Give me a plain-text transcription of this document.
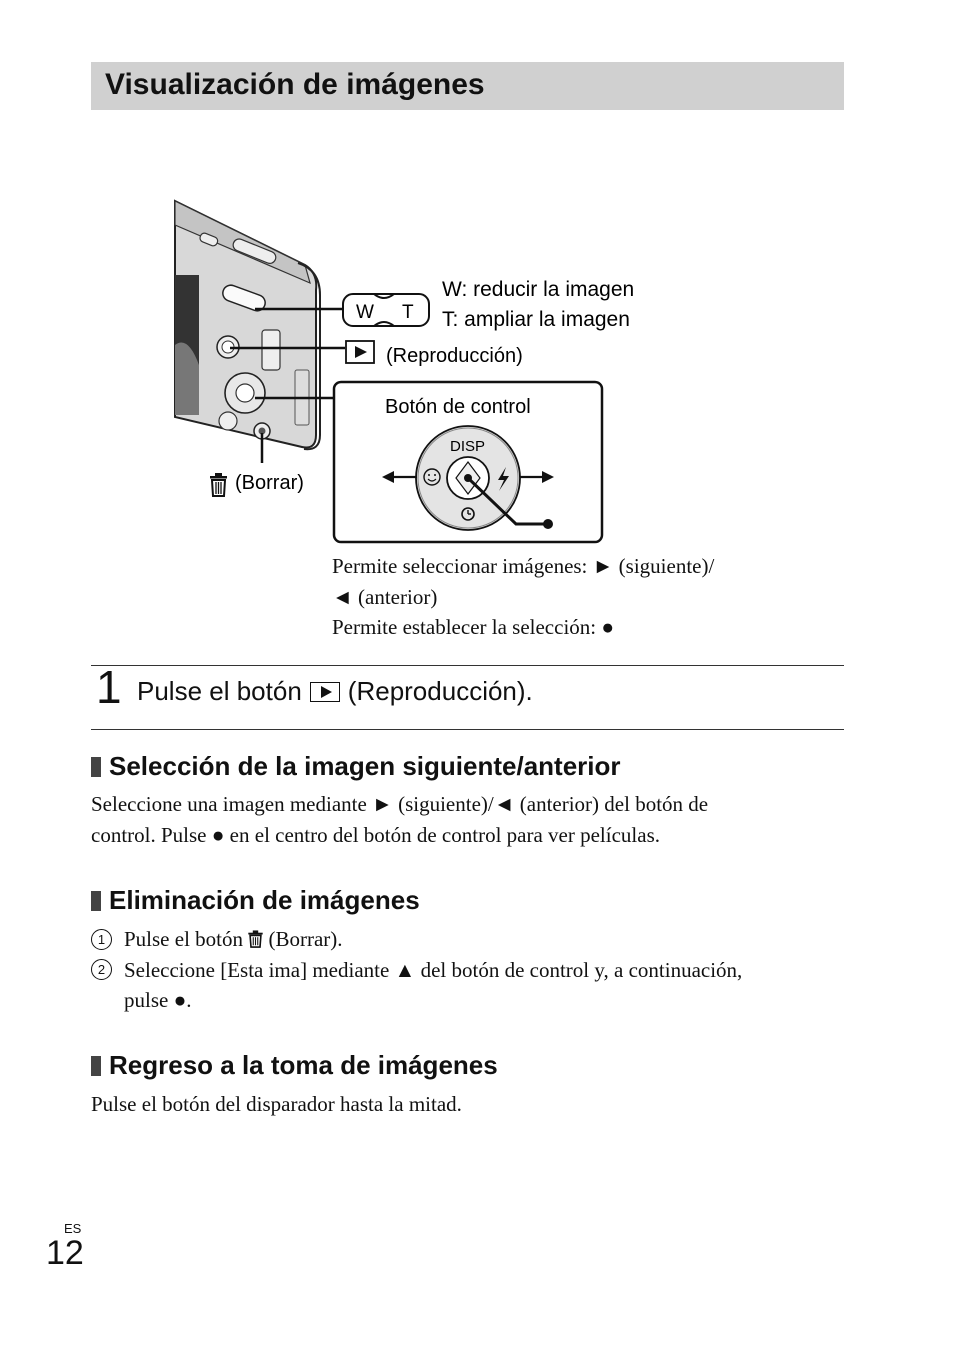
Visualización de imágenes
W T
W: reducir la imagen
T: ampliar la imagen
(Reproducción)
Botón de control
DISP
(Borrar)
Permite seleccionar imágenes: ► (siguiente)/
◄ (anterior)
Permite establecer la selección: ●
1 Pulse el botón (Reproducción).
Selección de la imagen siguiente/anterior
Seleccione una imagen mediante ► (siguiente)/◄ (anterior) del botón de
control. Pulse ● en el centro del botón de control para ver películas.
Eliminación de imágenes
1 Pulse el botón (Borrar).
2 Seleccione [Esta ima] mediante ▲ del botón de control y, a continuación,
pulse ●.
Regreso a la toma de imágenes
Pulse el botón del disparador hasta la mitad.
ES
12
